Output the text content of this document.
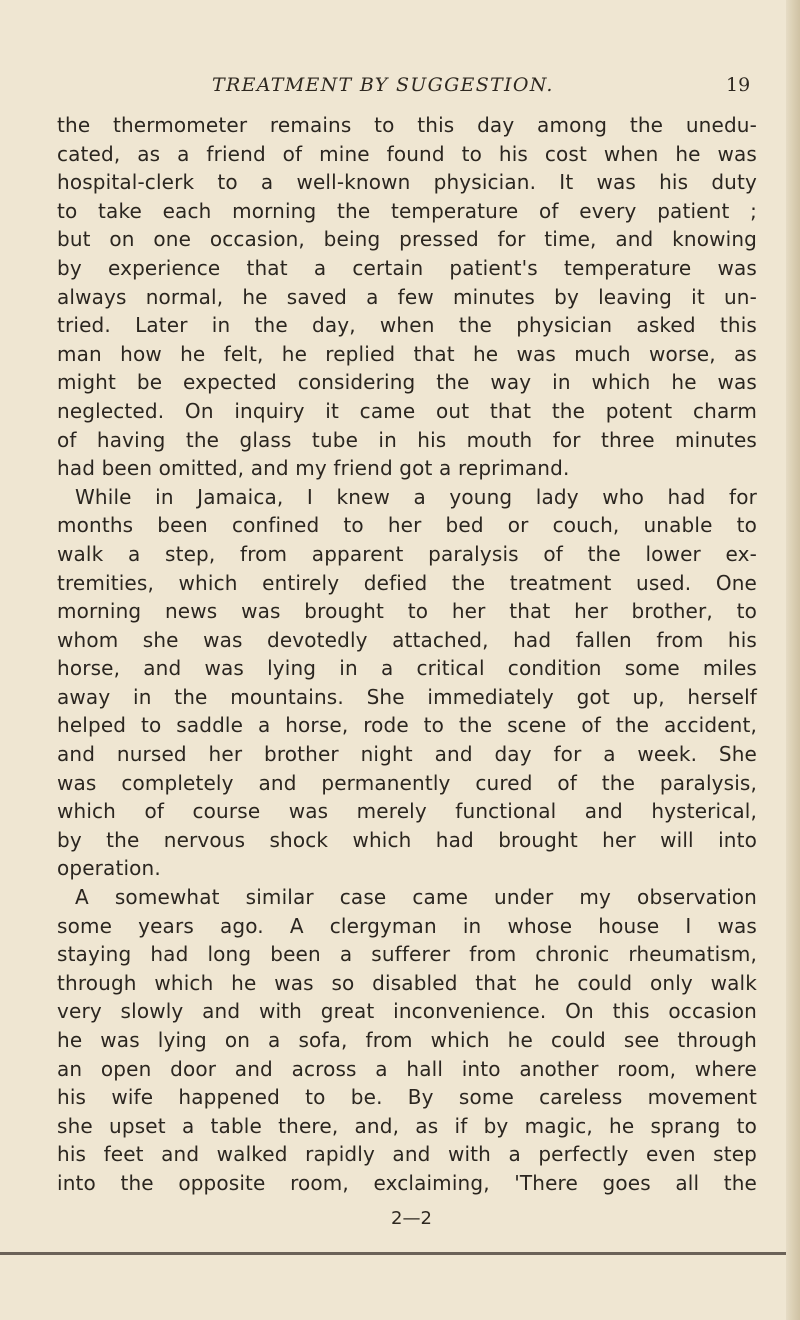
TREATMENT BY SUGGESTION.	19
the thermometer remains to this day among the unedu-
cated, as a friend of mine found to his cost when he was
hospital-clerk to a well-known physician. It was his duty
to take each morning the temperature of every patient ;
but on one occasion, being pressed for time, and knowing
by experience that a certain patient's temperature was
always normal, he saved a few minutes by leaving it un-
tried. Later in the day, when the physician asked this
man how he felt, he replied that he was much worse, as
might be expected considering the way in which he was
neglected. On inquiry it came out that the potent charm
of having the glass tube in his mouth for three minutes
had been omitted, and my friend got a reprimand.
While in Jamaica, I knew a young lady who had for
months been confined to her bed or couch, unable to
walk a step, from apparent paralysis of the lower ex-
tremities, which entirely defied the treatment used. One
morning news was brought to her that her brother, to
whom she was devotedly attached, had fallen from his
horse, and was lying in a critical condition some miles
away in the mountains. She immediately got up, herself
helped to saddle a horse, rode to the scene of the accident,
and nursed her brother night and day for a week. She
was completely and permanently cured of the paralysis,
which of course was merely functional and hysterical,
by the nervous shock which had brought her will into
operation.
A somewhat similar case came under my observation
some years ago. A clergyman in whose house I was
staying had long been a sufferer from chronic rheumatism,
through which he was so disabled that he could only walk
very slowly and with great inconvenience. On this occasion
he was lying on a sofa, from which he could see through
an open door and across a hall into another room, where
his wife happened to be. By some careless movement
she upset a table there, and, as if by magic, he sprang to
his feet and walked rapidly and with a perfectly even step
into the opposite room, exclaiming, 'There goes all the
2—2
